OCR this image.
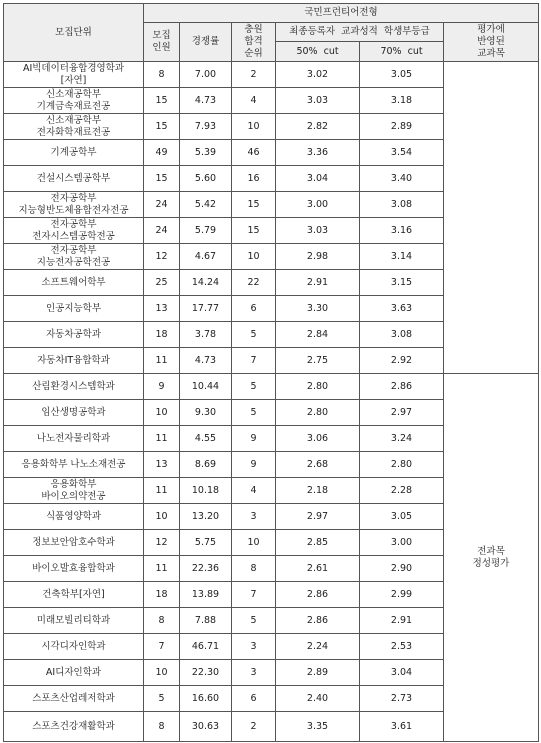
모집단위	국민프런티어전형					
	모집
인원	경쟁률	충원
합격
순위	최종등록자  교과성적  학생부등급		평가에
반영된
교과목
				50%  cut	70%  cut	
AI빅데이터융합경영학과
[자연]	8	7.00	2	3.02	3.05	
신소재공학부
기계금속재료전공	15	4.73	4	3.03	3.18	
신소재공학부
전자화학재료전공	15	7.93	10	2.82	2.89	
기계공학부	49	5.39	46	3.36	3.54	
건설시스템공학부	15	5.60	16	3.04	3.40	
전자공학부
지능형반도체융합전자전공	24	5.42	15	3.00	3.08	
전자공학부
전자시스템공학전공	24	5.79	15	3.03	3.16	
전자공학부
지능전자공학전공	12	4.67	10	2.98	3.14	
소프트웨어학부	25	14.24	22	2.91	3.15	
인공지능학부	13	17.77	6	3.30	3.63	
자동차공학과	18	3.78	5	2.84	3.08	
자동차IT융합학과	11	4.73	7	2.75	2.92	
산림환경시스템학과	9	10.44	5	2.80	2.86	전과목
정성평가
임산생명공학과	10	9.30	5	2.80	2.97	
나노전자물리학과	11	4.55	9	3.06	3.24	
응용화학부 나노소재전공	13	8.69	9	2.68	2.80	
응용화학부
바이오의약전공	11	10.18	4	2.18	2.28	
식품영양학과	10	13.20	3	2.97	3.05	
정보보안암호수학과	12	5.75	10	2.85	3.00	
바이오발효융합학과	11	22.36	8	2.61	2.90	
건축학부[자연]	18	13.89	7	2.86	2.99	
미래모빌리티학과	8	7.88	5	2.86	2.91	
시각디자인학과	7	46.71	3	2.24	2.53	
AI디자인학과	10	22.30	3	2.89	3.04	
스포츠산업레저학과	5	16.60	6	2.40	2.73	
스포츠건강재활학과	8	30.63	2	3.35	3.61	
